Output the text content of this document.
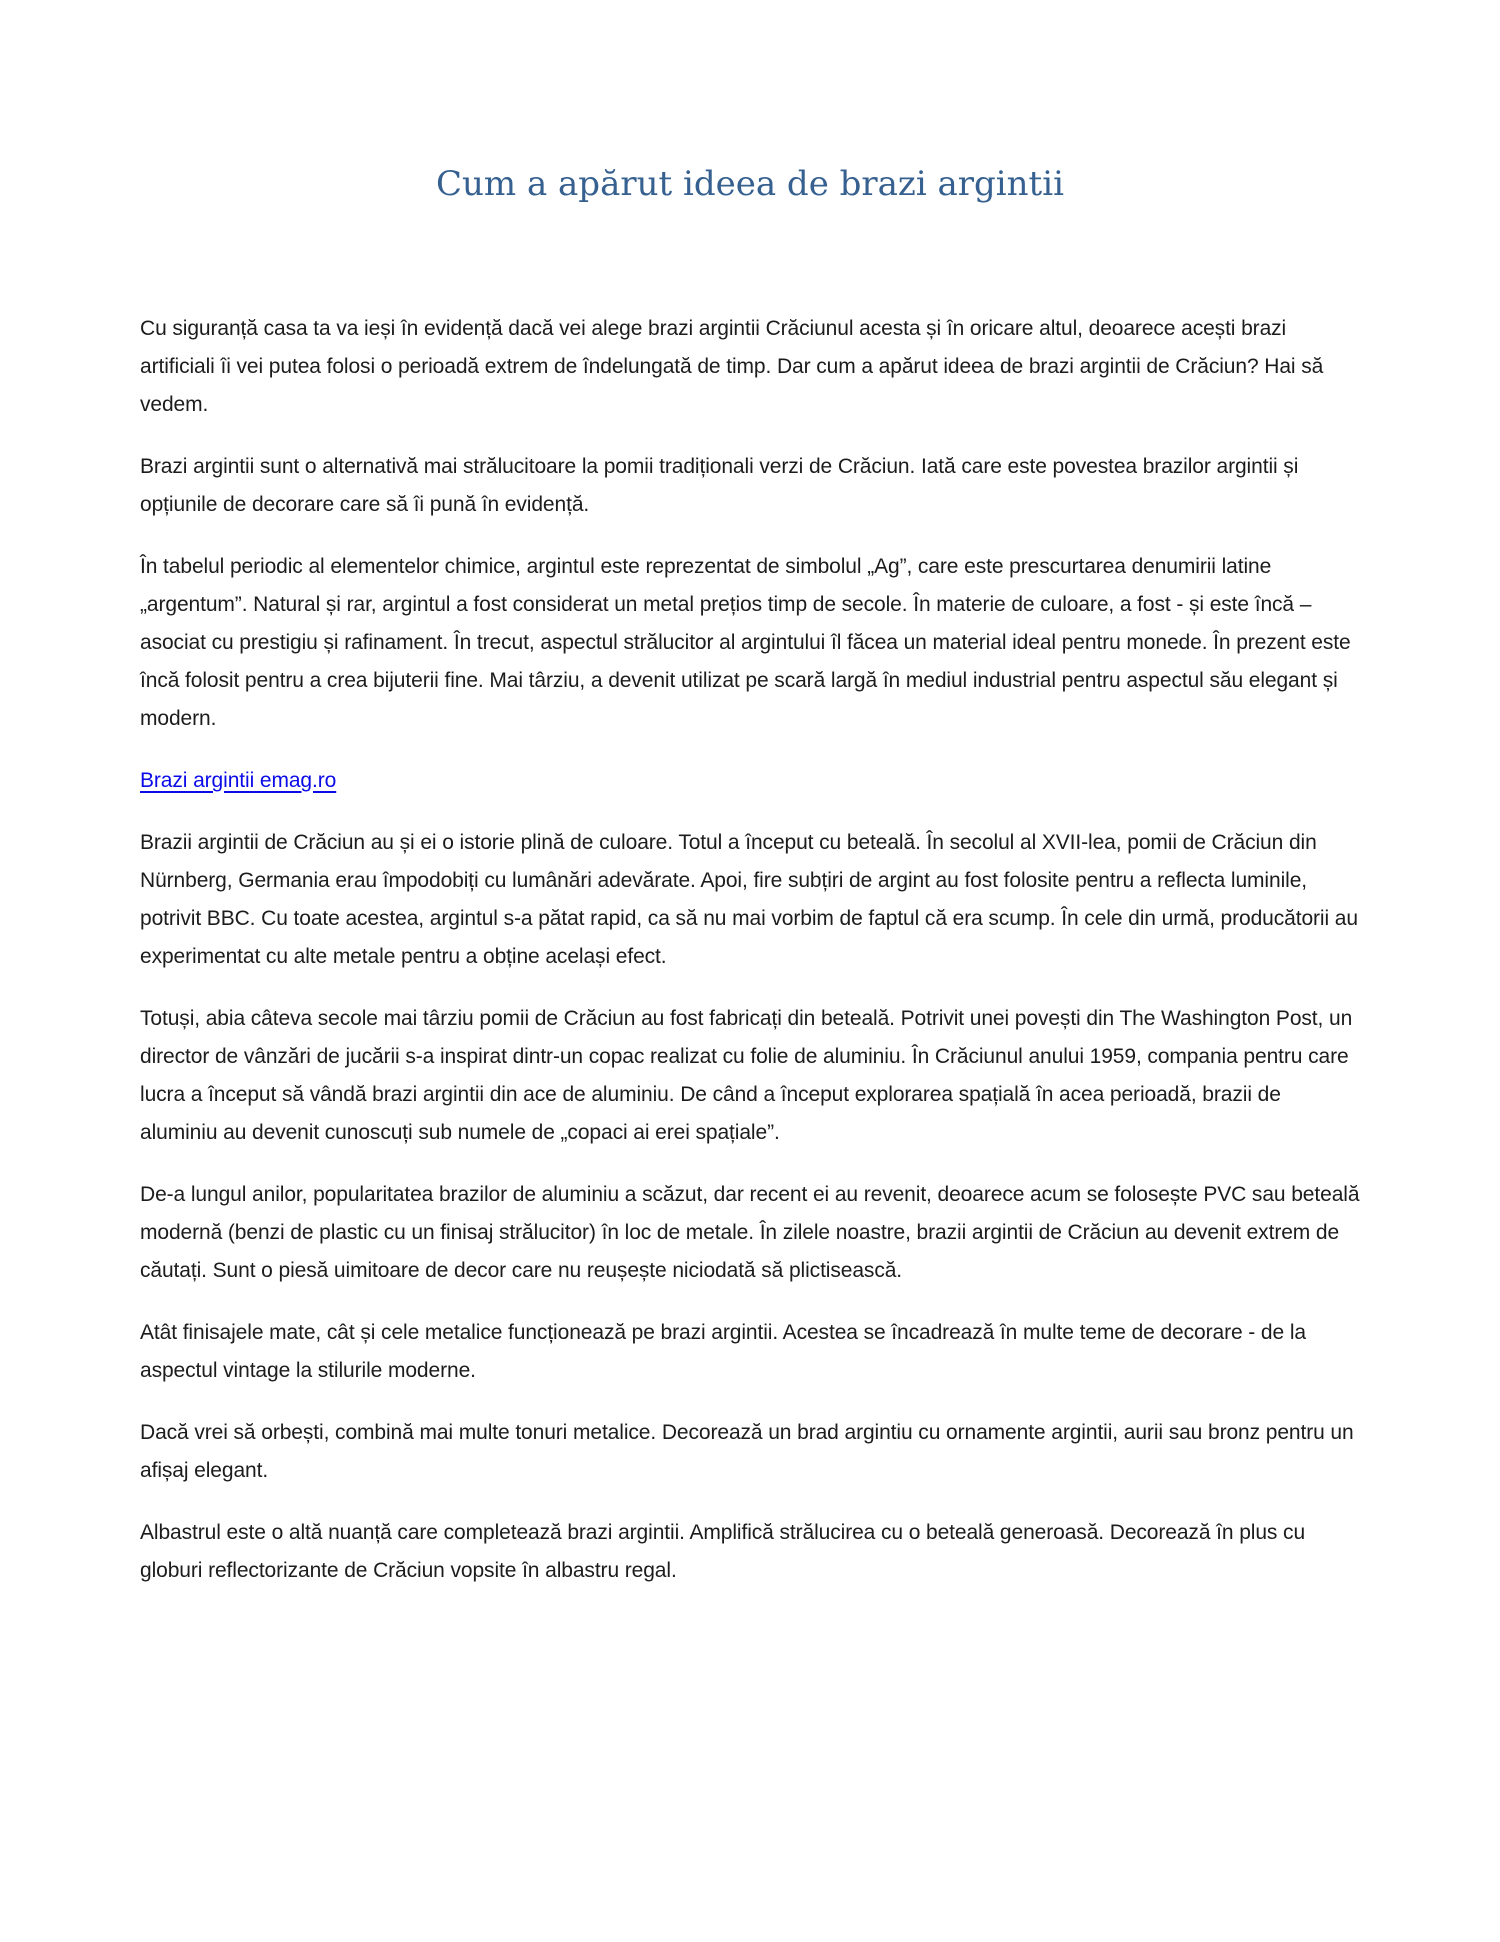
Cum a apărut ideea de brazi argintii

Cu siguranță casa ta va ieși în evidență dacă vei alege brazi argintii Crăciunul acesta și în oricare altul, deoarece acești brazi artificiali îi vei putea folosi o perioadă extrem de îndelungată de timp. Dar cum a apărut ideea de brazi argintii de Crăciun? Hai să vedem.

Brazi argintii sunt o alternativă mai strălucitoare la pomii tradiționali verzi de Crăciun. Iată care este povestea brazilor argintii și opțiunile de decorare care să îi pună în evidență.

În tabelul periodic al elementelor chimice, argintul este reprezentat de simbolul „Ag”, care este prescurtarea denumirii latine „argentum”. Natural și rar, argintul a fost considerat un metal prețios timp de secole. În materie de culoare, a fost - și este încă – asociat cu prestigiu și rafinament. În trecut, aspectul strălucitor al argintului îl făcea un material ideal pentru monede. În prezent este încă folosit pentru a crea bijuterii fine. Mai târziu, a devenit utilizat pe scară largă în mediul industrial pentru aspectul său elegant și modern.

Brazi argintii emag.ro

Brazii argintii de Crăciun au și ei o istorie plină de culoare. Totul a început cu beteală. În secolul al XVII-lea, pomii de Crăciun din Nürnberg, Germania erau împodobiți cu lumânări adevărate. Apoi, fire subțiri de argint au fost folosite pentru a reflecta luminile, potrivit BBC. Cu toate acestea, argintul s-a pătat rapid, ca să nu mai vorbim de faptul că era scump. În cele din urmă, producătorii au experimentat cu alte metale pentru a obține același efect.

Totuși, abia câteva secole mai târziu pomii de Crăciun au fost fabricați din beteală. Potrivit unei povești din The Washington Post, un director de vânzări de jucării s-a inspirat dintr-un copac realizat cu folie de aluminiu. În Crăciunul anului 1959, compania pentru care lucra a început să vândă brazi argintii din ace de aluminiu. De când a început explorarea spațială în acea perioadă, brazii de aluminiu au devenit cunoscuți sub numele de „copaci ai erei spațiale”.

De-a lungul anilor, popularitatea brazilor de aluminiu a scăzut, dar recent ei au revenit, deoarece acum se folosește PVC sau beteală modernă (benzi de plastic cu un finisaj strălucitor) în loc de metale. În zilele noastre, brazii argintii de Crăciun au devenit extrem de căutați. Sunt o piesă uimitoare de decor care nu reușește niciodată să plictisească.

Atât finisajele mate, cât și cele metalice funcționează pe brazi argintii. Acestea se încadrează în multe teme de decorare - de la aspectul vintage la stilurile moderne.

Dacă vrei să orbești, combină mai multe tonuri metalice. Decorează un brad argintiu cu ornamente argintii, aurii sau bronz pentru un afișaj elegant.

Albastrul este o altă nuanță care completează brazi argintii. Amplifică strălucirea cu o beteală generoasă. Decorează în plus cu globuri reflectorizante de Crăciun vopsite în albastru regal.
